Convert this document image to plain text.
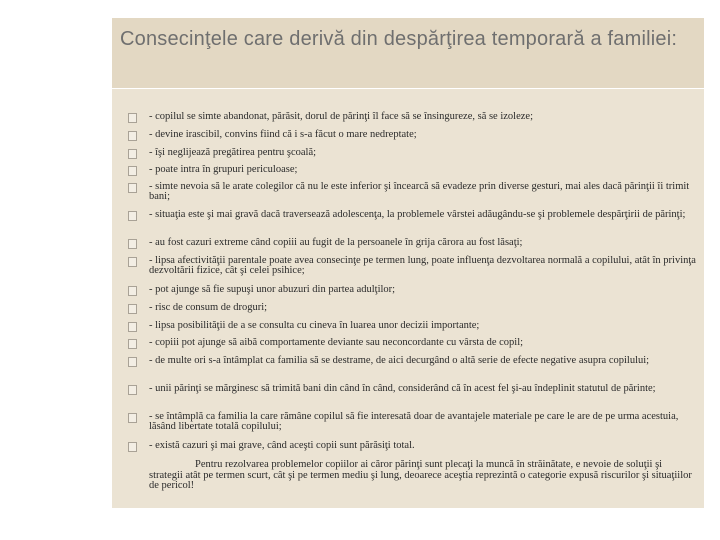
Consecinţele care derivă din despărţirea temporară a familiei:
- copilul se simte abandonat, părăsit, dorul de părinţi îl face să se însingureze, să se izoleze;
- devine irascibil, convins fiind că i s-a făcut o mare nedreptate;
- îşi neglijează pregătirea pentru şcoală;
- poate intra în grupuri periculoase;
- simte nevoia să le arate colegilor că nu le este inferior şi încearcă să evadeze prin diverse gesturi, mai ales dacă părinţii îi trimit bani;
- situaţia este şi mai gravă dacă traversează adolescenţa, la problemele vârstei adăugându-se şi problemele despărţirii de părinţi;
- au fost cazuri extreme când copiii au fugit de la persoanele în grija cărora au fost lăsaţi;
- lipsa afectivităţii parentale poate avea consecinţe pe termen lung, poate influenţa dezvoltarea normală a copilului, atât în privinţa dezvoltării fizice, cât şi celei psihice;
- pot ajunge să fie supuşi unor abuzuri din partea adulţilor;
- risc de consum de droguri;
- lipsa posibilităţii de a se consulta cu cineva în luarea unor decizii importante;
- copiii pot ajunge să aibă comportamente deviante sau neconcordante cu vârsta de copil;
- de multe ori s-a întâmplat ca familia să se destrame, de aici decurgând o altă serie de efecte negative asupra copilului;
- unii părinţi se mărginesc să trimită bani din când în când, considerând că în acest fel şi-au îndeplinit statutul de părinte;
- se întâmplă ca familia la care rămâne copilul să fie interesată doar de avantajele materiale pe care le are de pe urma acestuia, lăsând libertate totală copilului;
- există cazuri şi mai grave, când aceşti copii sunt părăsiţi total.
Pentru rezolvarea problemelor copiilor ai căror părinţi sunt plecaţi la muncă în străinătate, e nevoie de soluţii şi strategii atât pe termen scurt, cât şi pe termen mediu şi lung, deoarece aceştia reprezintă o categorie expusă riscurilor şi situaţiilor de pericol!
